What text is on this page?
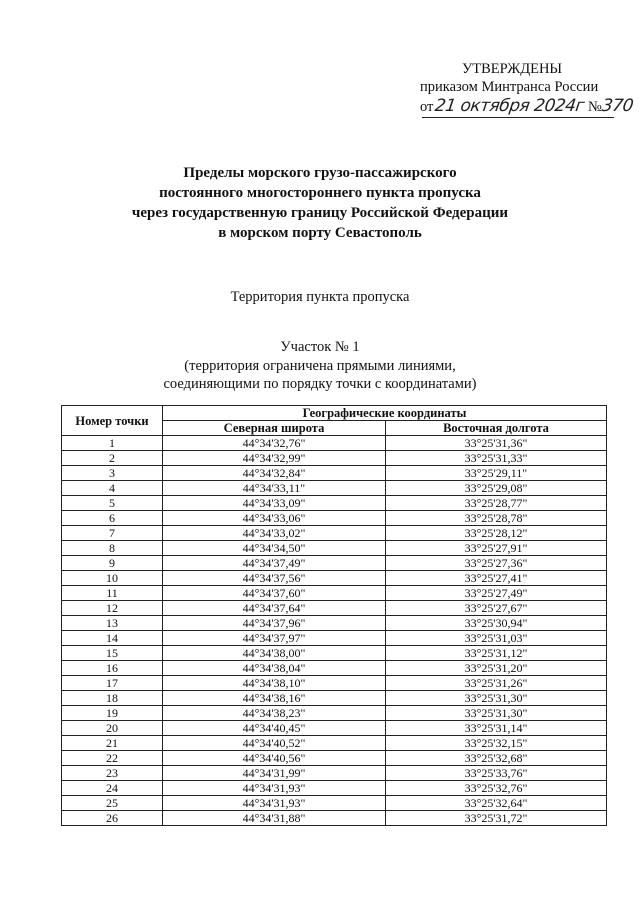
УТВЕРЖДЕНЫ
приказом Минтранса России
от21 октября 2024г №370
Пределы морского грузо-пассажирского
постоянного многостороннего пункта пропуска
через государственную границу Российской Федерации
в морском порту Севастополь
Территория пункта пропуска
Участок № 1
(территория ограничена прямыми линиями,
соединяющими по порядку точки с координатами)
Номер точки	Географические координаты	
	Северная широта	Восточная долгота
1	44°34'32,76"	33°25'31,36"
2	44°34'32,99"	33°25'31,33"
3	44°34'32,84"	33°25'29,11"
4	44°34'33,11"	33°25'29,08"
5	44°34'33,09"	33°25'28,77"
6	44°34'33,06"	33°25'28,78"
7	44°34'33,02"	33°25'28,12"
8	44°34'34,50"	33°25'27,91"
9	44°34'37,49"	33°25'27,36"
10	44°34'37,56"	33°25'27,41"
11	44°34'37,60"	33°25'27,49"
12	44°34'37,64"	33°25'27,67"
13	44°34'37,96"	33°25'30,94"
14	44°34'37,97"	33°25'31,03"
15	44°34'38,00"	33°25'31,12"
16	44°34'38,04"	33°25'31,20"
17	44°34'38,10"	33°25'31,26"
18	44°34'38,16"	33°25'31,30"
19	44°34'38,23"	33°25'31,30"
20	44°34'40,45"	33°25'31,14"
21	44°34'40,52"	33°25'32,15"
22	44°34'40,56"	33°25'32,68"
23	44°34'31,99"	33°25'33,76"
24	44°34'31,93"	33°25'32,76"
25	44°34'31,93"	33°25'32,64"
26	44°34'31,88"	33°25'31,72"
